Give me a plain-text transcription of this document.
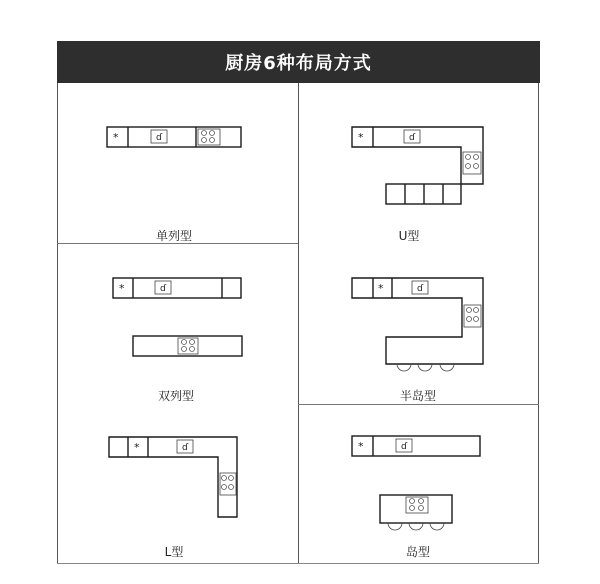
厨房6种布局方式
*	ɗ	*	ɗ
*	ɗ	*	ɗ
*	ɗ	*	ɗ
单列型	U型
双列型	半岛型
L型	岛型
